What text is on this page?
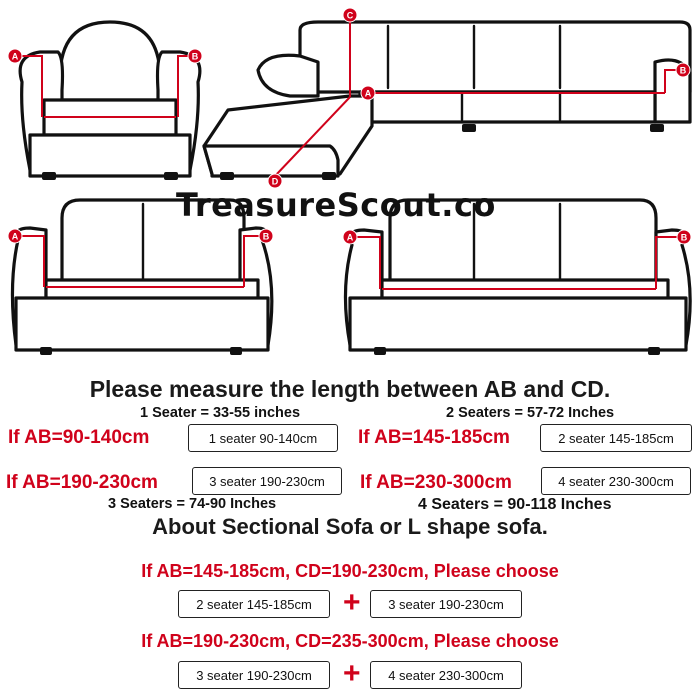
A	B
C
A
B
D
A	B	A	B
TreasureScout.co
Please measure the length between AB and CD.
1 Seater = 33-55 inches	2 Seaters = 57-72 Inches
If AB=90-140cm	1 seater 90-140cm	If AB=145-185cm	2 seater 145-185cm
If AB=190-230cm	3 seater 190-230cm	If AB=230-300cm	4 seater 230-300cm
3 Seaters = 74-90 Inches	4 Seaters = 90-118 Inches
About Sectional Sofa or L shape sofa.
If AB=145-185cm, CD=190-230cm, Please choose
2 seater 145-185cm	+	3 seater 190-230cm
If AB=190-230cm, CD=235-300cm, Please choose
3 seater 190-230cm	+	4 seater 230-300cm
